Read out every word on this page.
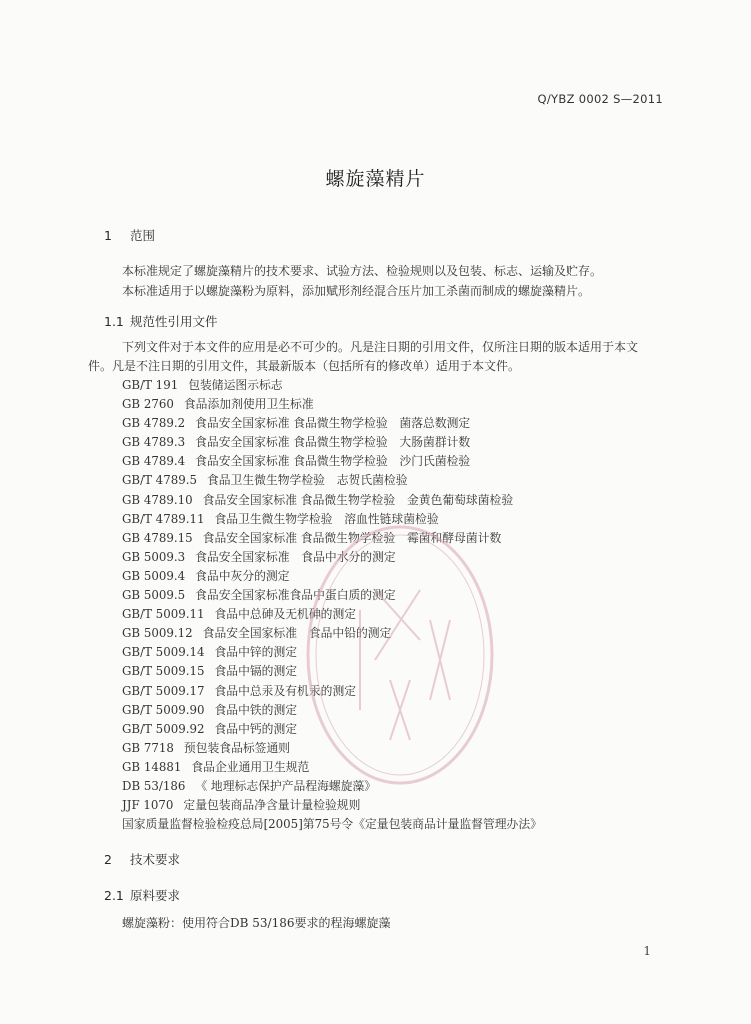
Q/YBZ 0002 S—2011
螺旋藻精片
1 范围
本标准规定了螺旋藻精片的技术要求、试验方法、检验规则以及包装、标志、运输及贮存。
本标准适用于以螺旋藻粉为原料，添加赋形剂经混合压片加工杀菌而制成的螺旋藻精片。
1.1 规范性引用文件
下列文件对于本文件的应用是必不可少的。凡是注日期的引用文件，仅所注日期的版本适用于本文
件。凡是不注日期的引用文件，其最新版本（包括所有的修改单）适用于本文件。
GB/T 191 包装储运图示标志
GB 2760 食品添加剂使用卫生标准
GB 4789.2 食品安全国家标准 食品微生物学检验　菌落总数测定
GB 4789.3 食品安全国家标准 食品微生物学检验　大肠菌群计数
GB 4789.4 食品安全国家标准 食品微生物学检验　沙门氏菌检验
GB/T 4789.5 食品卫生微生物学检验　志贺氏菌检验
GB 4789.10 食品安全国家标准 食品微生物学检验　金黄色葡萄球菌检验
GB/T 4789.11 食品卫生微生物学检验　溶血性链球菌检验
GB 4789.15 食品安全国家标准 食品微生物学检验　霉菌和酵母菌计数
GB 5009.3 食品安全国家标准　食品中水分的测定
GB 5009.4 食品中灰分的测定
GB 5009.5 食品安全国家标准食品中蛋白质的测定
GB/T 5009.11 食品中总砷及无机砷的测定
GB 5009.12 食品安全国家标准　食品中铅的测定
GB/T 5009.14 食品中锌的测定
GB/T 5009.15 食品中镉的测定
GB/T 5009.17 食品中总汞及有机汞的测定
GB/T 5009.90 食品中铁的测定
GB/T 5009.92 食品中钙的测定
GB 7718 预包装食品标签通则
GB 14881 食品企业通用卫生规范
DB 53/186 《 地理标志保护产品程海螺旋藻》
JJF 1070 定量包装商品净含量计量检验规则
国家质量监督检验检疫总局[2005]第75号令《定量包装商品计量监督管理办法》
2 技术要求
2.1 原料要求
螺旋藻粉：使用符合DB 53/186要求的程海螺旋藻
1
